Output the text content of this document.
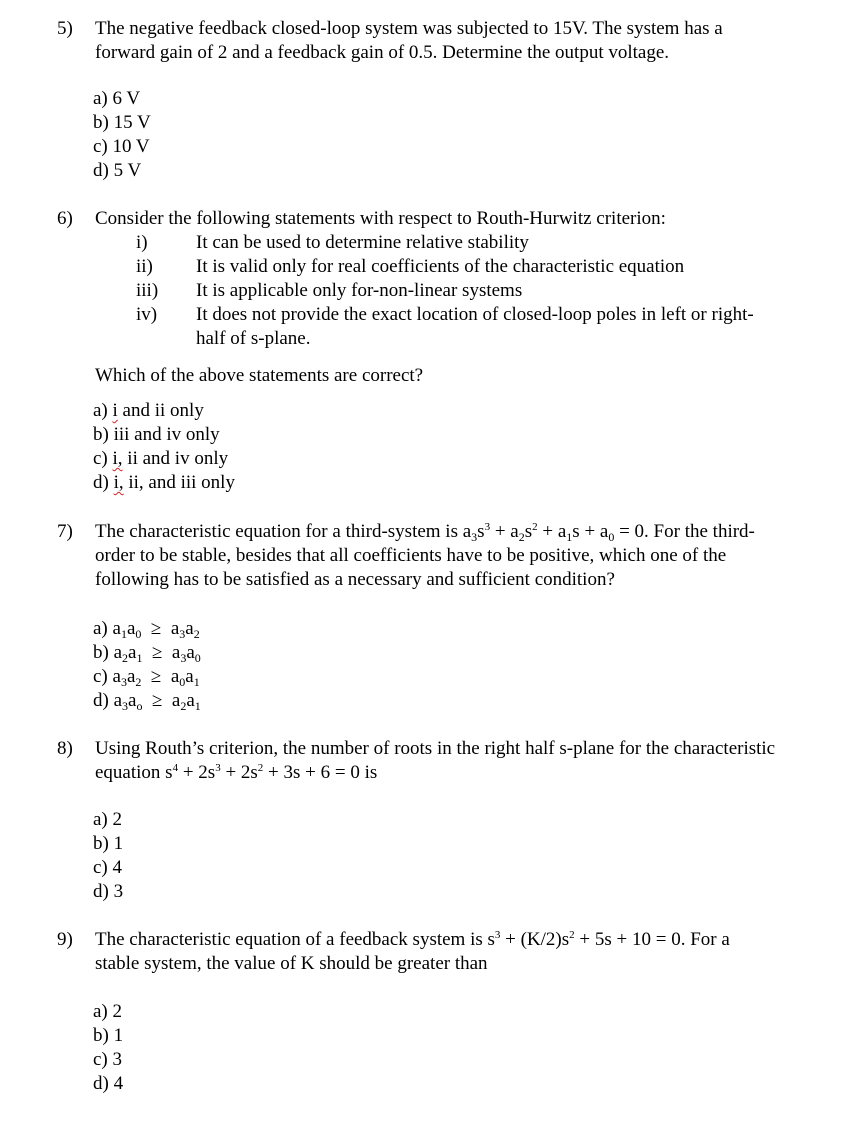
5) The negative feedback closed-loop system was subjected to 15V. The system has a
forward gain of 2 and a feedback gain of 0.5. Determine the output voltage.
a) 6 V
b) 15 V
c) 10 V
d) 5 V
6) Consider the following statements with respect to Routh-Hurwitz criterion:
i)	It can be used to determine relative stability
ii) It is valid only for real coefficients of the characteristic equation
iii) It is applicable only for-non-linear systems
iv) It does not provide the exact location of closed-loop poles in left or right-
half of s-plane.
Which of the above statements are correct?
a) i and ii only
b) iii and iv only
c) i, ii and iv only
d) i, ii, and iii only
7) The characteristic equation for a third-system is $a_3s^3 + a_2s^2 + a_1s + a_0 = 0$. For the third-
order to be stable, besides that all coefficients have to be positive, which one of the
following has to be satisfied as a necessary and sufficient condition?
a) $a_1a_0 \ge a_3a_2$
b) $a_2a_1 \ge a_3a_0$
c) $a_3a_2 \ge a_0a_1$
d) $a_3a_o \ge a_2a_1$
8) Using Routh’s criterion, the number of roots in the right half s-plane for the characteristic
equation $s^4 + 2s^3 + 2s^2 + 3s + 6 = 0$ is
a) 2
b) 1
c) 4
d) 3
9) The characteristic equation of a feedback system is $s^3 + (K/2)s^2 + 5s + 10 = 0$. For a
stable system, the value of K should be greater than
a) 2
b) 1
c) 3
d) 4
